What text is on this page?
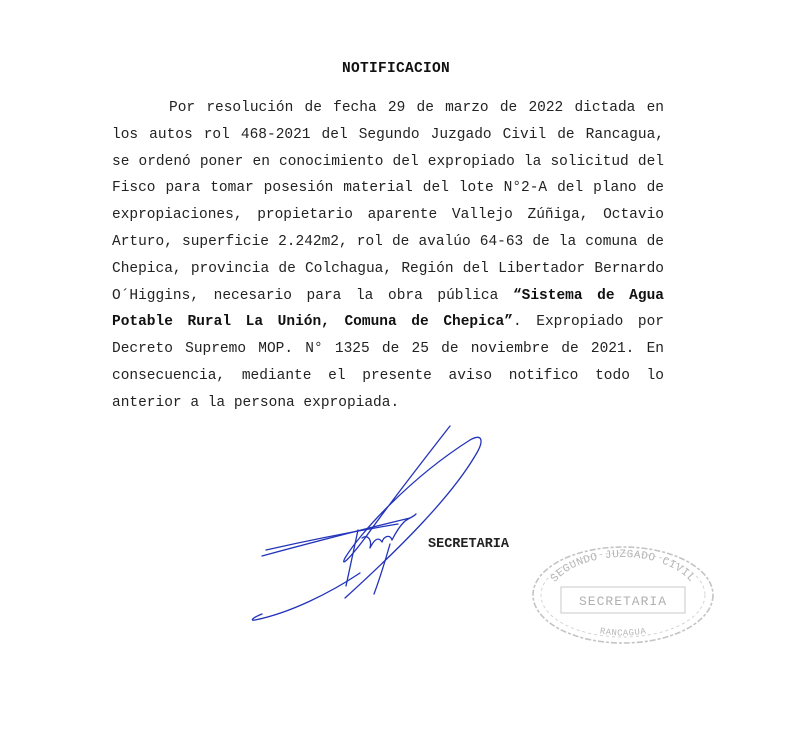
NOTIFICACION

Por resolución de fecha 29 de marzo de 2022 dictada en los autos rol 468-2021 del Segundo Juzgado Civil de Rancagua, se ordenó poner en conocimiento del expropiado la solicitud del Fisco para tomar posesión material del lote N°2-A del plano de expropiaciones, propietario aparente Vallejo Zúñiga, Octavio Arturo, superficie 2.242m2, rol de avalúo 64-63 de la comuna de Chepica, provincia de Colchagua, Región del Libertador Bernardo O´Higgins, necesario para la obra pública “Sistema de Agua Potable Rural La Unión, Comuna de Chepica”. Expropiado por Decreto Supremo MOP. N° 1325 de 25 de noviembre de 2021. En consecuencia, mediante el presente aviso notifico todo lo anterior a la persona expropiada.

SECRETARIA
SEGUNDO JUZGADO CIVIL
SECRETARIA
RANCAGUA
